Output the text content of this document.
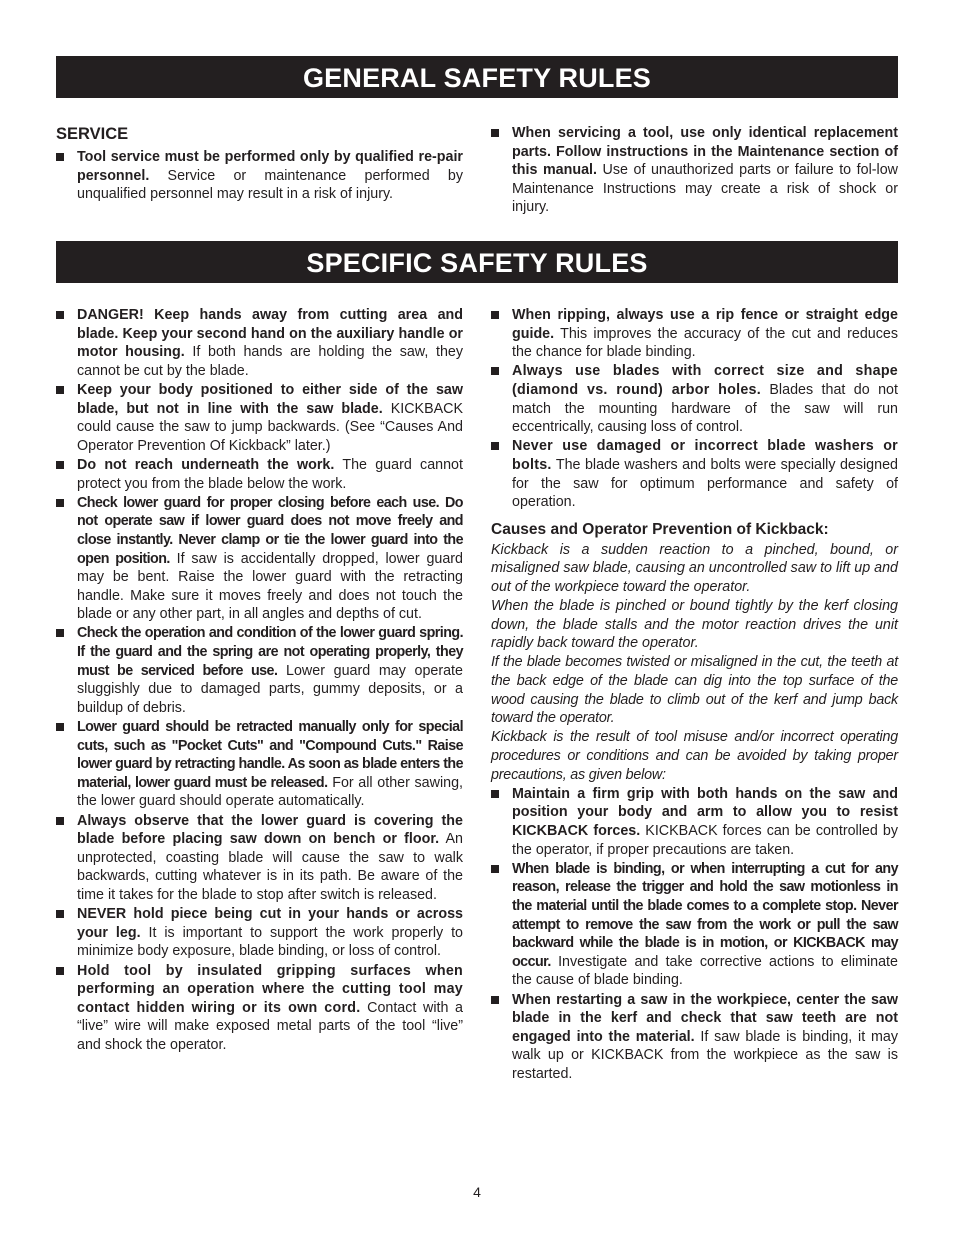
GENERAL SAFETY RULES
SPECIFIC SAFETY RULES
SERVICE
Tool service must be performed only by qualified re-pair personnel. Service or maintenance performed by unqualified personnel may result in a risk of injury.
When servicing a tool, use only identical replacement parts. Follow instructions in the Maintenance section of this manual. Use of unauthorized parts or failure to fol-low Maintenance Instructions may create a risk of shock or injury.
DANGER! Keep hands away from cutting area and blade. Keep your second hand on the auxiliary handle or motor housing. If both hands are holding the saw, they cannot be cut by the blade.
Keep your body positioned to either side of the saw blade, but not in line with the saw blade. KICKBACK could cause the saw to jump backwards. (See “Causes And Operator Prevention Of Kickback” later.)
Do not reach underneath the work. The guard cannot protect you from the blade below the work.
Check lower guard for proper closing before each use. Do not operate saw if lower guard does not move freely and close instantly. Never clamp or tie the lower guard into the open position. If saw is accidentally dropped, lower guard may be bent. Raise the lower guard with the retracting handle. Make sure it moves freely and does not touch the blade or any other part, in all angles and depths of cut.
Check the operation and condition of the lower guard spring. If the guard and the spring are not operating properly, they must be serviced before use. Lower guard may operate sluggishly due to damaged parts, gummy deposits, or a buildup of debris.
Lower guard should be retracted manually only for special cuts, such as "Pocket Cuts" and "Compound Cuts." Raise lower guard by retracting handle. As soon as blade enters the material, lower guard must be released. For all other sawing, the lower guard should operate automatically.
Always observe that the lower guard is covering the blade before placing saw down on bench or floor. An unprotected, coasting blade will cause the saw to walk backwards, cutting whatever is in its path. Be aware of the time it takes for the blade to stop after switch is released.
NEVER hold piece being cut in your hands or across your leg. It is important to support the work properly to minimize body exposure, blade binding, or loss of control.
Hold tool by insulated gripping surfaces when performing an operation where the cutting tool may contact hidden wiring or its own cord. Contact with a “live” wire will make exposed metal parts of the tool “live” and shock the operator.
When ripping, always use a rip fence or straight edge guide. This improves the accuracy of the cut and reduces the chance for blade binding.
Always use blades with correct size and shape (diamond vs. round) arbor holes. Blades that do not match the mounting hardware of the saw will run eccentrically, causing loss of control.
Never use damaged or incorrect blade washers or bolts. The blade washers and bolts were specially designed for the saw for optimum performance and safety of operation.
Causes and Operator Prevention of Kickback:
Kickback is a sudden reaction to a pinched, bound, or misaligned saw blade, causing an uncontrolled saw to lift up and out of the workpiece toward the operator.
When the blade is pinched or bound tightly by the kerf closing down, the blade stalls and the motor reaction drives the unit rapidly back toward the operator.
If the blade becomes twisted or misaligned in the cut, the teeth at the back edge of the blade can dig into the top surface of the wood causing the blade to climb out of the kerf and jump back toward the operator.
Kickback is the result of tool misuse and/or incorrect operating procedures or conditions and can be avoided by taking proper precautions, as given below:
Maintain a firm grip with both hands on the saw and position your body and arm to allow you to resist KICKBACK forces. KICKBACK forces can be controlled by the operator, if proper precautions are taken.
When blade is binding, or when interrupting a cut for any reason, release the trigger and hold the saw motionless in the material until the blade comes to a complete stop. Never attempt to remove the saw from the work or pull the saw backward while the blade is in motion, or KICKBACK may occur. Investigate and take corrective actions to eliminate the cause of blade binding.
When restarting a saw in the workpiece, center the saw blade in the kerf and check that saw teeth are not engaged into the material. If saw blade is binding, it may walk up or KICKBACK from the workpiece as the saw is restarted.
4
